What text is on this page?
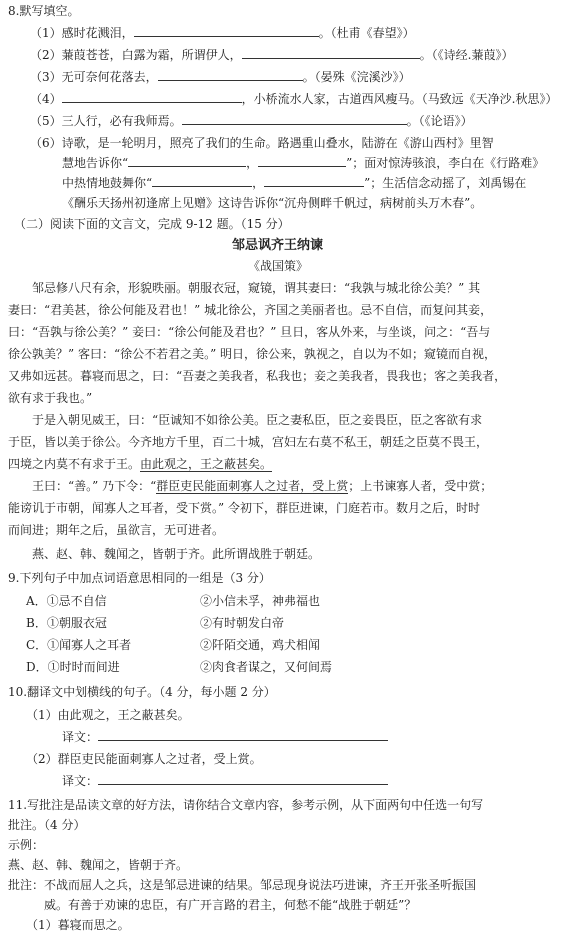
8.默写填空。
（1）感时花溅泪，	。（杜甫《春望》）
（2）蒹葭苍苍，白露为霜，所谓伊人，	。（《诗经.蒹葭》）
（3）无可奈何花落去，	。（晏殊《浣溪沙》）
（4）	，小桥流水人家，古道西风瘦马。（马致远《天净沙.秋思》）
（5）三人行，必有我师焉。	。（《论语》）
（6）诗歌，是一轮明月，照亮了我们的生命。路遇重山叠水，陆游在《游山西村》里智
慧地告诉你“	，	”；面对惊涛骇浪，李白在《行路难》
中热情地鼓舞你“	，	”；生活信念动摇了，刘禹锡在
《酬乐天扬州初逢席上见赠》这诗告诉你“沉舟侧畔千帆过，病树前头万木春”。
（二）阅读下面的文言文，完成 9-12 题。（15 分）
邹忌讽齐王纳谏
《战国策》
邹忌修八尺有余，形貌昳丽。朝服衣冠，窥镜，谓其妻曰：“我孰与城北徐公美？” 其
妻曰：“君美甚，徐公何能及君也！” 城北徐公，齐国之美丽者也。忌不自信，而复问其妾，
曰：“吾孰与徐公美？” 妾曰：“徐公何能及君也？” 旦日，客从外来，与坐谈，问之：“吾与
徐公孰美？” 客曰：“徐公不若君之美。” 明日，徐公来，孰视之，自以为不如；窥镜而自视，
又弗如远甚。暮寝而思之，曰：“吾妻之美我者，私我也；妾之美我者，畏我也；客之美我者，
欲有求于我也。”
于是入朝见威王，曰：“臣诚知不如徐公美。臣之妻私臣，臣之妾畏臣，臣之客欲有求
于臣，皆以美于徐公。今齐地方千里，百二十城，宫妇左右莫不私王，朝廷之臣莫不畏王，
四境之内莫不有求于王。由此观之，王之蔽甚矣。
王曰：“善。” 乃下令：“群臣吏民能面刺寡人之过者，受上赏；上书谏寡人者，受中赏；
能谤讥于市朝，闻寡人之耳者，受下赏。” 令初下，群臣进谏，门庭若市。数月之后，时时
而间进；期年之后，虽欲言，无可进者。
燕、赵、韩、魏闻之，皆朝于齐。此所谓战胜于朝廷。
9.下列句子中加点词语意思相同的一组是（3 分）
A．①忌不自信	②小信未孚，神弗福也
B．①朝服衣冠	②有时朝发白帝
C．①闻寡人之耳者	②阡陌交通，鸡犬相闻
D．①时时而间进	②肉食者谋之，又何间焉
10.翻译文中划横线的句子。（4 分，每小题 2 分）
（1）由此观之，王之蔽甚矣。
译文：
（2）群臣吏民能面刺寡人之过者，受上赏。
译文：
11.写批注是品读文章的好方法，请你结合文章内容，参考示例，从下面两句中任选一句写
批注。（4 分）
示例：
燕、赵、韩、魏闻之，皆朝于齐。
批注：不战而屈人之兵，这是邹忌进谏的结果。邹忌现身说法巧进谏，齐王开张圣听振国
威。有善于劝谏的忠臣，有广开言路的君主，何愁不能“战胜于朝廷”？
（1）暮寝而思之。
